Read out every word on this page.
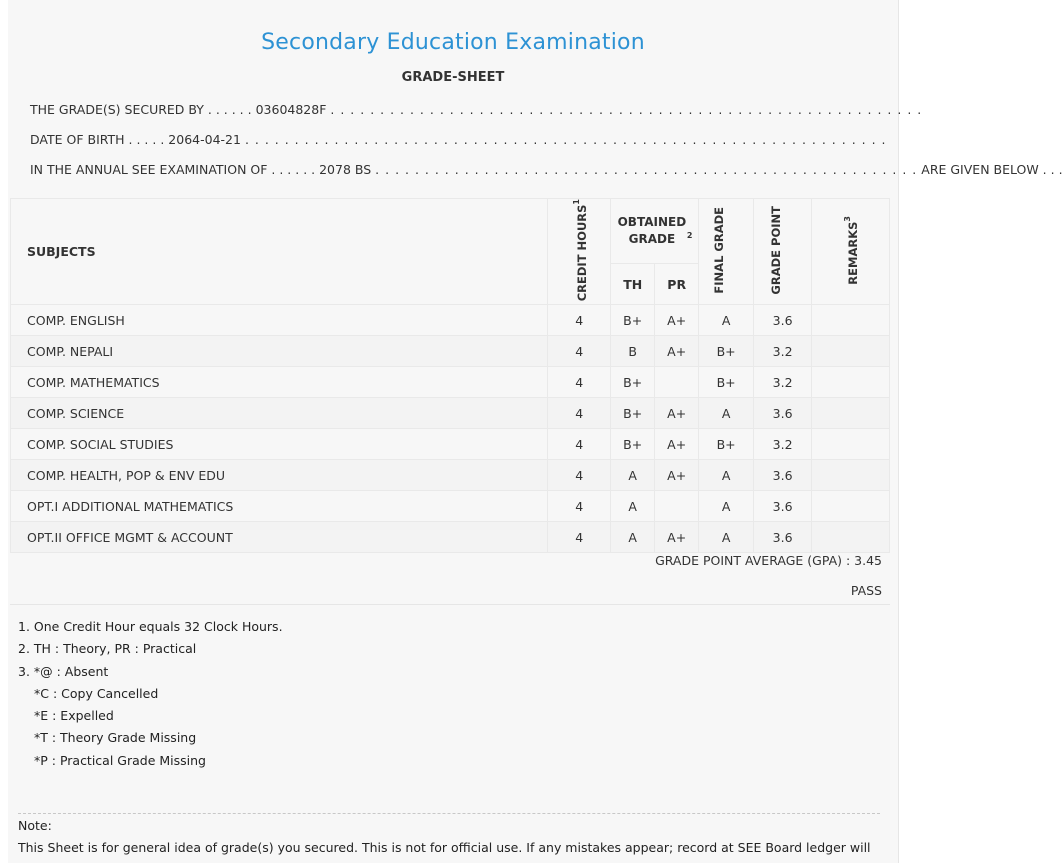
Secondary Education Examination
GRADE-SHEET
THE GRADE(S) SECURED BY . . . . . . 03604828F . . . . . . . . . . . . . . . . . . . . . . . . . . . . . . . . . . . . . . . . . . . . . . . . . . . . . . . . . . . .
DATE OF BIRTH . . . . . 2064-04-21 . . . . . . . . . . . . . . . . . . . . . . . . . . . . . . . . . . . . . . . . . . . . . . . . . . . . . . . . . . . . . . . . .
IN THE ANNUAL SEE EXAMINATION OF . . . . . . 2078 BS . . . . . . . . . . . . . . . . . . . . . . . . . . . . . . . . . . . . . . . . . . . . . . . . . . . . . . . ARE GIVEN BELOW . . .
SUBJECTS	CREDIT HOURS$^1$	OBTAINED GRADE $^2$		FINAL GRADE	GRADE POINT	REMARKS$^3$
		TH	PR			
COMP. ENGLISH	4	B+	A+	A	3.6	
COMP. NEPALI	4	B	A+	B+	3.2	
COMP. MATHEMATICS	4	B+		B+	3.2	
COMP. SCIENCE	4	B+	A+	A	3.6	
COMP. SOCIAL STUDIES	4	B+	A+	B+	3.2	
COMP. HEALTH, POP & ENV EDU	4	A	A+	A	3.6	
OPT.I ADDITIONAL MATHEMATICS	4	A		A	3.6	
OPT.II OFFICE MGMT & ACCOUNT	4	A	A+	A	3.6	
GRADE POINT AVERAGE (GPA) : 3.45
PASS
1. One Credit Hour equals 32 Clock Hours.
2. TH : Theory, PR : Practical
3. *@ : Absent
*C : Copy Cancelled
*E : Expelled
*T : Theory Grade Missing
*P : Practical Grade Missing
Note:
This Sheet is for general idea of grade(s) you secured. This is not for official use. If any mistakes appear; record at SEE Board ledger will
